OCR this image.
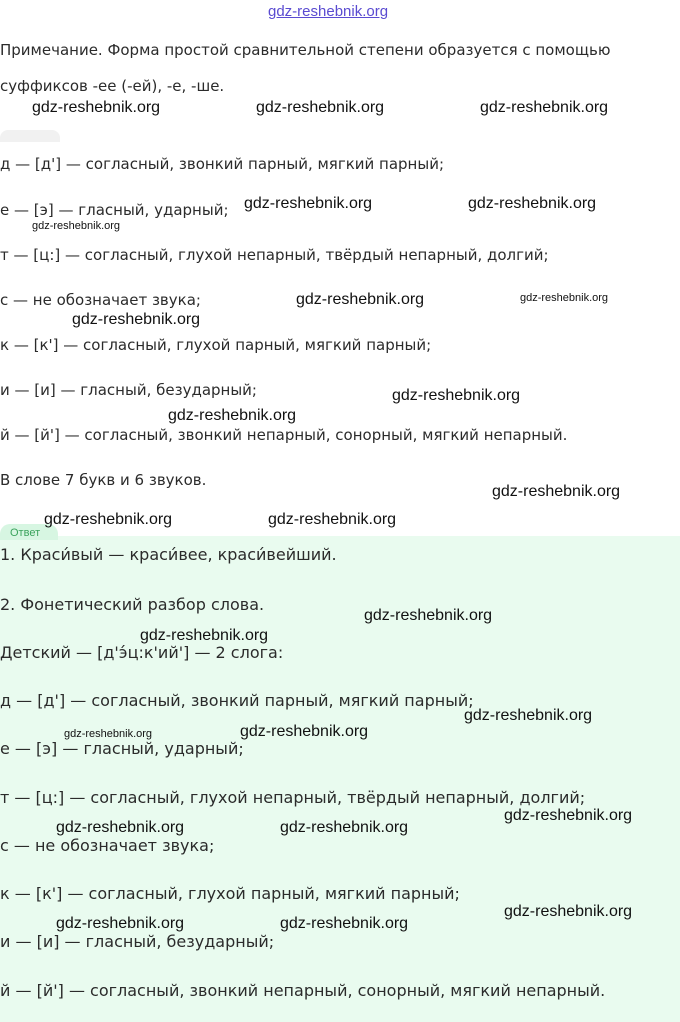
Ответ
gdz-reshebnik.org
Примечание. Форма простой сравнительной степени образуется с помощью
суффиксов -ее (-ей), -е, -ше.
д — [д'] — согласный, звонкий парный, мягкий парный;
е — [э] — гласный, ударный;
т — [ц:] — согласный, глухой непарный, твёрдый непарный, долгий;
с — не обозначает звука;
к — [к'] — согласный, глухой парный, мягкий парный;
и — [и] — гласный, безударный;
й — [й'] — согласный, звонкий непарный, сонорный, мягкий непарный.
В слове 7 букв и 6 звуков.
1. Краси́вый — краси́вее, краси́вейший.
2. Фонетический разбор слова.
Детский — [д'э́ц:к'ий'] — 2 слога:
д — [д'] — согласный, звонкий парный, мягкий парный;
е — [э] — гласный, ударный;
т — [ц:] — согласный, глухой непарный, твёрдый непарный, долгий;
с — не обозначает звука;
к — [к'] — согласный, глухой парный, мягкий парный;
и — [и] — гласный, безударный;
й — [й'] — согласный, звонкий непарный, сонорный, мягкий непарный.
gdz-reshebnik.org	gdz-reshebnik.org	gdz-reshebnik.org
gdz-reshebnik.org	gdz-reshebnik.org
gdz-reshebnik.org
gdz-reshebnik.org	gdz-reshebnik.org
gdz-reshebnik.org
gdz-reshebnik.org
gdz-reshebnik.org
gdz-reshebnik.org
gdz-reshebnik.org	gdz-reshebnik.org
gdz-reshebnik.org
gdz-reshebnik.org
gdz-reshebnik.org
gdz-reshebnik.org	gdz-reshebnik.org
gdz-reshebnik.org
gdz-reshebnik.org	gdz-reshebnik.org
gdz-reshebnik.org
gdz-reshebnik.org	gdz-reshebnik.org
